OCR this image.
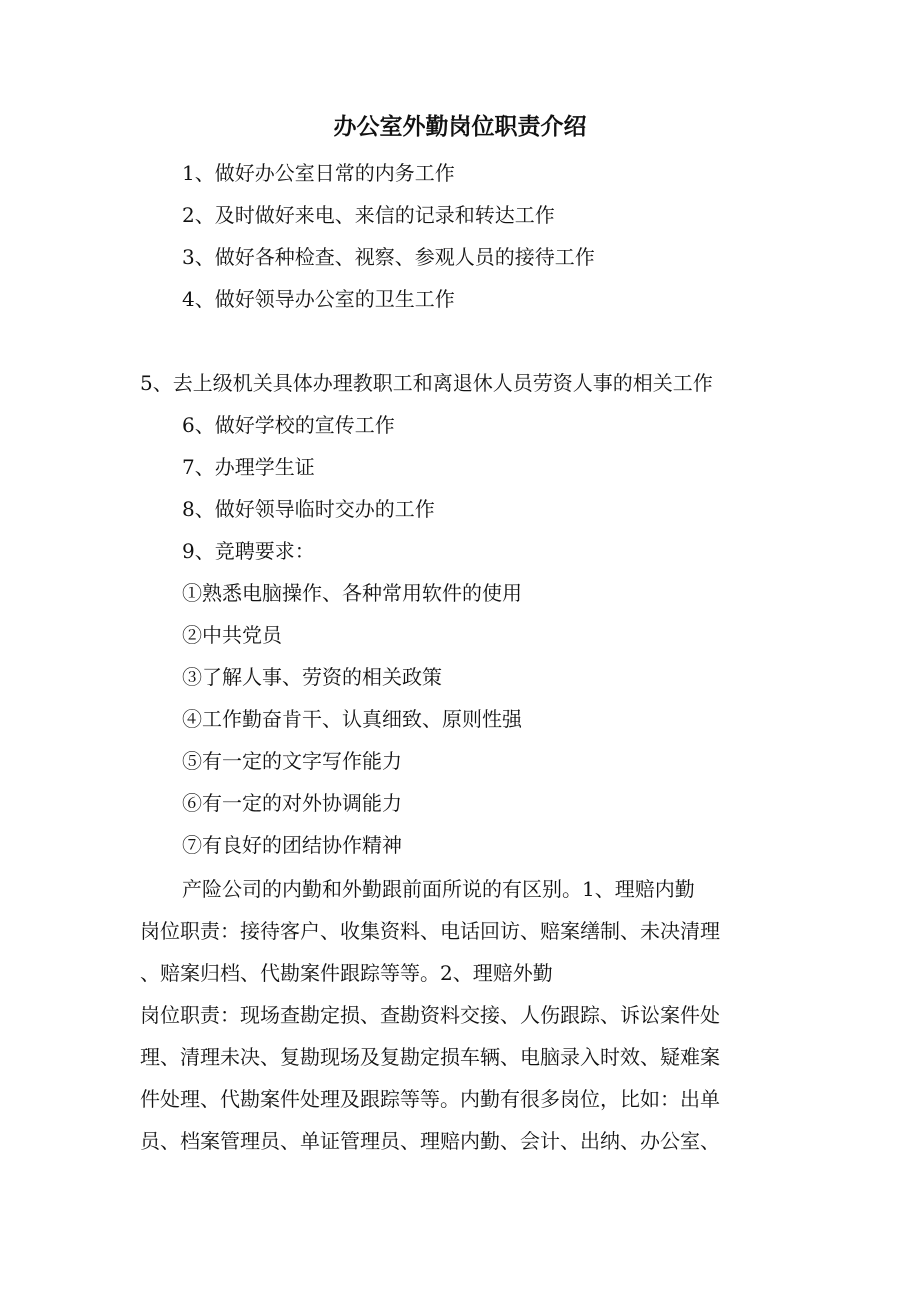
办公室外勤岗位职责介绍
1、做好办公室日常的内务工作
2、及时做好来电、来信的记录和转达工作
3、做好各种检查、视察、参观人员的接待工作
4、做好领导办公室的卫生工作
5、去上级机关具体办理教职工和离退休人员劳资人事的相关工作
6、做好学校的宣传工作
7、办理学生证
8、做好领导临时交办的工作
9、竞聘要求：
①熟悉电脑操作、各种常用软件的使用
②中共党员
③了解人事、劳资的相关政策
④工作勤奋肯干、认真细致、原则性强
⑤有一定的文字写作能力
⑥有一定的对外协调能力
⑦有良好的团结协作精神
产险公司的内勤和外勤跟前面所说的有区别。1、理赔内勤
岗位职责：接待客户、收集资料、电话回访、赔案缮制、未决清理
、赔案归档、代勘案件跟踪等等。2、理赔外勤
岗位职责：现场查勘定损、查勘资料交接、人伤跟踪、诉讼案件处
理、清理未决、复勘现场及复勘定损车辆、电脑录入时效、疑难案
件处理、代勘案件处理及跟踪等等。内勤有很多岗位，比如：出单
员、档案管理员、单证管理员、理赔内勤、会计、出纳、办公室、
